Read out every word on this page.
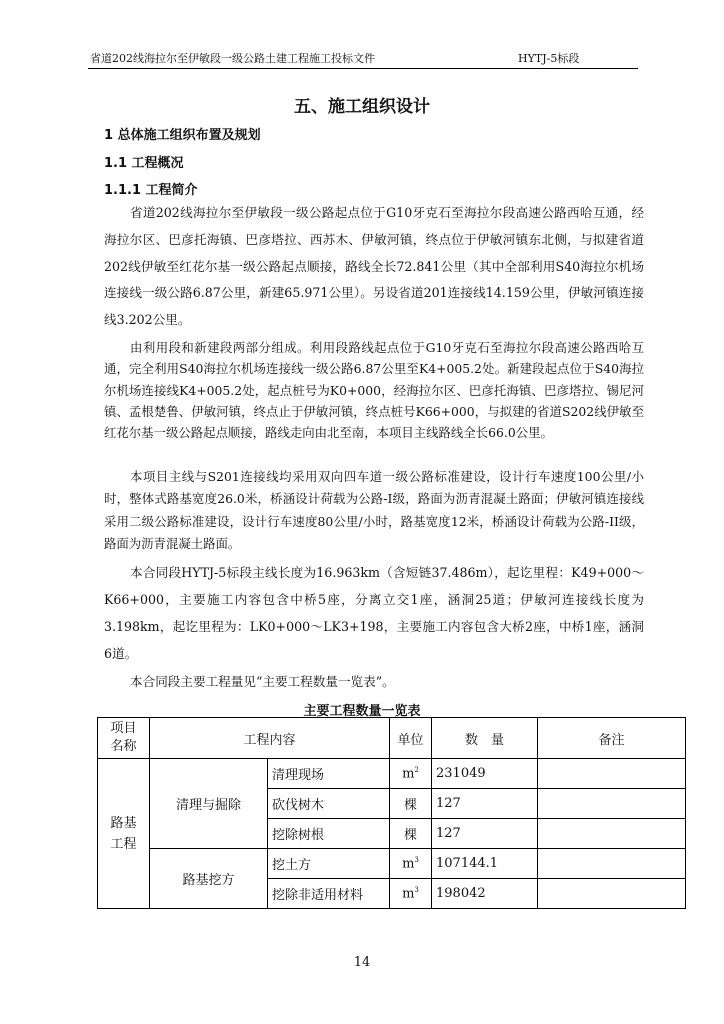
省道202线海拉尔至伊敏段一级公路土建工程施工投标文件	HYTJ-5标段
五、施工组织设计
1 总体施工组织布置及规划
1.1 工程概况
1.1.1 工程简介
省道202线海拉尔至伊敏段一级公路起点位于G10牙克石至海拉尔段高速公路西哈互通，经海拉尔区、巴彦托海镇、巴彦塔拉、西苏木、伊敏河镇，终点位于伊敏河镇东北侧，与拟建省道202线伊敏至红花尔基一级公路起点顺接，路线全长72.841公里（其中全部利用S40海拉尔机场连接线一级公路6.87公里，新建65.971公里）。另设省道201连接线14.159公里，伊敏河镇连接线3.202公里。
由利用段和新建段两部分组成。利用段路线起点位于G10牙克石至海拉尔段高速公路西哈互通，完全利用S40海拉尔机场连接线一级公路6.87公里至K4+005.2处。新建段起点位于S40海拉尔机场连接线K4+005.2处，起点桩号为K0+000，经海拉尔区、巴彦托海镇、巴彦塔拉、锡尼河镇、孟根楚鲁、伊敏河镇，终点止于伊敏河镇，终点桩号K66+000，与拟建的省道S202线伊敏至红花尔基一级公路起点顺接，路线走向由北至南，本项目主线路线全长66.0公里。
本项目主线与S201连接线均采用双向四车道一级公路标准建设，设计行车速度100公里/小时，整体式路基宽度26.0米，桥涵设计荷载为公路-I级，路面为沥青混凝土路面；伊敏河镇连接线采用二级公路标准建设，设计行车速度80公里/小时，路基宽度12米，桥涵设计荷载为公路-II级，路面为沥青混凝土路面。
本合同段HYTJ-5标段主线长度为16.963km（含短链37.486m），起讫里程：K49+000～K66+000，主要施工内容包含中桥5座，分离立交1座，涵洞25道；伊敏河连接线长度为3.198km，起讫里程为：LK0+000～LK3+198，主要施工内容包含大桥2座，中桥1座，涵洞6道。
本合同段主要工程量见“主要工程数量一览表”。
主要工程数量一览表
项目名称	工程内容		单位	数　量	备注
路基工程	清理与掘除	清理现场	$m^2$	231049	
		砍伐树木	棵	127	
		挖除树根	棵	127	
	路基挖方	挖土方	$m^3$	107144.1	
		挖除非适用材料	$m^3$	198042	
14
